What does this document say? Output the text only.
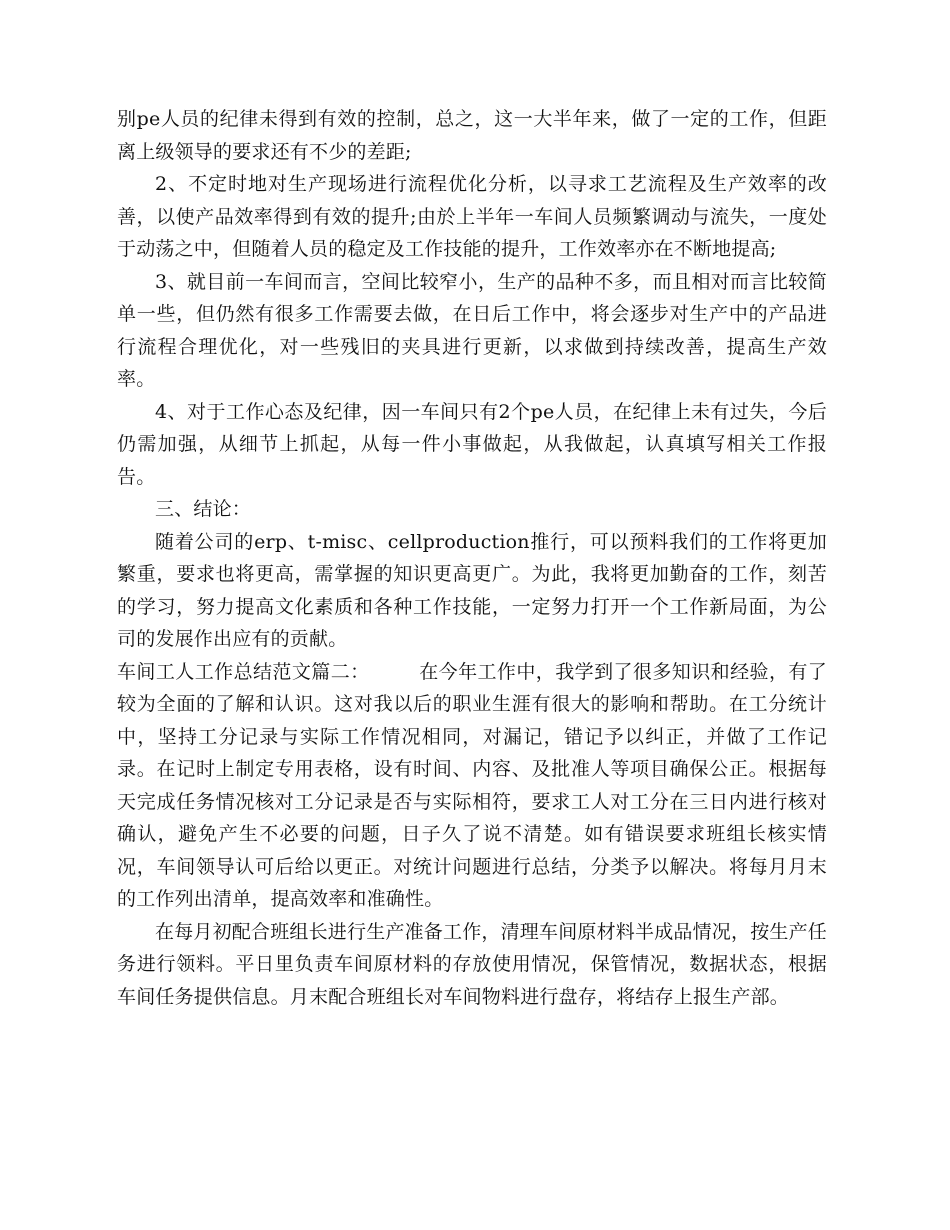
别pe人员的纪律未得到有效的控制，总之，这一大半年来，做了一定的工作，但距离上级领导的要求还有不少的差距;

2、不定时地对生产现场进行流程优化分析，以寻求工艺流程及生产效率的改善，以使产品效率得到有效的提升;由於上半年一车间人员频繁调动与流失，一度处于动荡之中，但随着人员的稳定及工作技能的提升，工作效率亦在不断地提高;

3、就目前一车间而言，空间比较窄小，生产的品种不多，而且相对而言比较简单一些，但仍然有很多工作需要去做，在日后工作中，将会逐步对生产中的产品进行流程合理优化，对一些残旧的夹具进行更新，以求做到持续改善，提高生产效率。

4、对于工作心态及纪律，因一车间只有2个pe人员，在纪律上未有过失，今后仍需加强，从细节上抓起，从每一件小事做起，从我做起，认真填写相关工作报告。

三、结论：

随着公司的erp、t-misc、cellproduction推行，可以预料我们的工作将更加繁重，要求也将更高，需掌握的知识更高更广。为此，我将更加勤奋的工作，刻苦的学习，努力提高文化素质和各种工作技能，一定努力打开一个工作新局面，为公司的发展作出应有的贡献。

车间工人工作总结范文篇二：	在今年工作中，我学到了很多知识和经验，有了较为全面的了解和认识。这对我以后的职业生涯有很大的影响和帮助。在工分统计中，坚持工分记录与实际工作情况相同，对漏记，错记予以纠正，并做了工作记录。在记时上制定专用表格，设有时间、内容、及批准人等项目确保公正。根据每天完成任务情况核对工分记录是否与实际相符，要求工人对工分在三日内进行核对确认，避免产生不必要的问题，日子久了说不清楚。如有错误要求班组长核实情况，车间领导认可后给以更正。对统计问题进行总结，分类予以解决。将每月月末的工作列出清单，提高效率和准确性。

在每月初配合班组长进行生产准备工作，清理车间原材料半成品情况，按生产任务进行领料。平日里负责车间原材料的存放使用情况，保管情况，数据状态，根据车间任务提供信息。月末配合班组长对车间物料进行盘存，将结存上报生产部。
